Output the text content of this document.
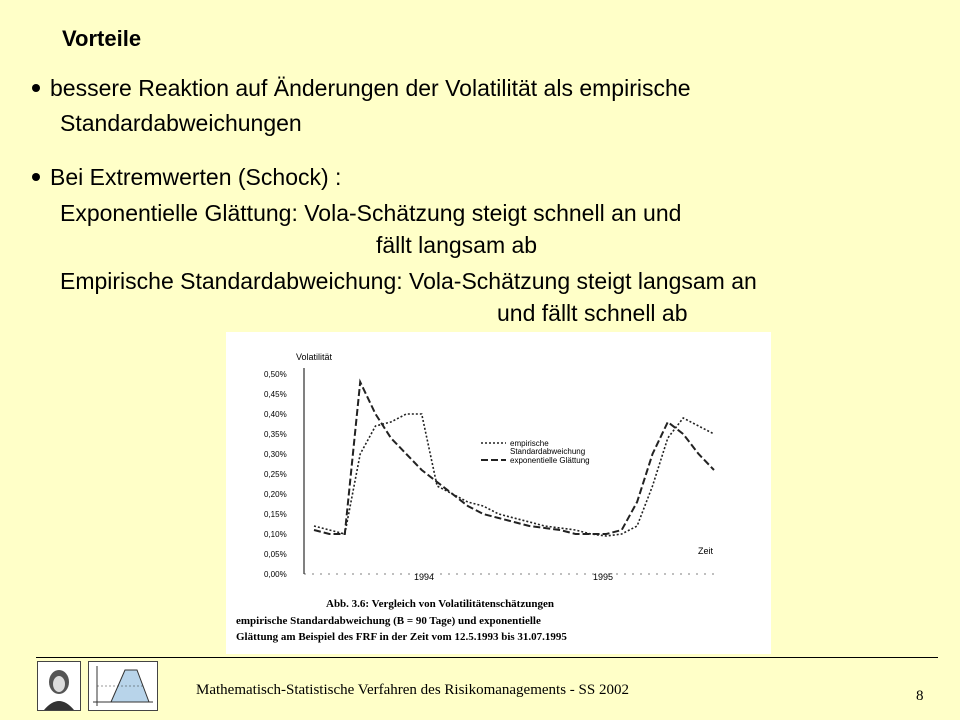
Vorteile
bessere Reaktion auf Änderungen der Volatilität als empirische
Standardabweichungen
Bei Extremwerten (Schock) :
Exponentielle Glättung: Vola-Schätzung steigt schnell an und
fällt langsam ab
Empirische Standardabweichung: Vola-Schätzung steigt langsam an
und fällt schnell ab
Volatilität
0,50%
0,45%
0,40%
0,35%
0,30%
0,25%
0,20%
0,15%
0,10%
0,05%
0,00%	1994	1995
Zeit
empirische
Standardabweichung
exponentielle Glättung
Abb. 3.6: Vergleich von Volatilitätenschätzungen
empirische Standardabweichung (B = 90 Tage) und exponentielle
Glättung am Beispiel des FRF in der Zeit vom 12.5.1993 bis 31.07.1995
Mathematisch-Statistische Verfahren des Risikomanagements - SS 2002	8
